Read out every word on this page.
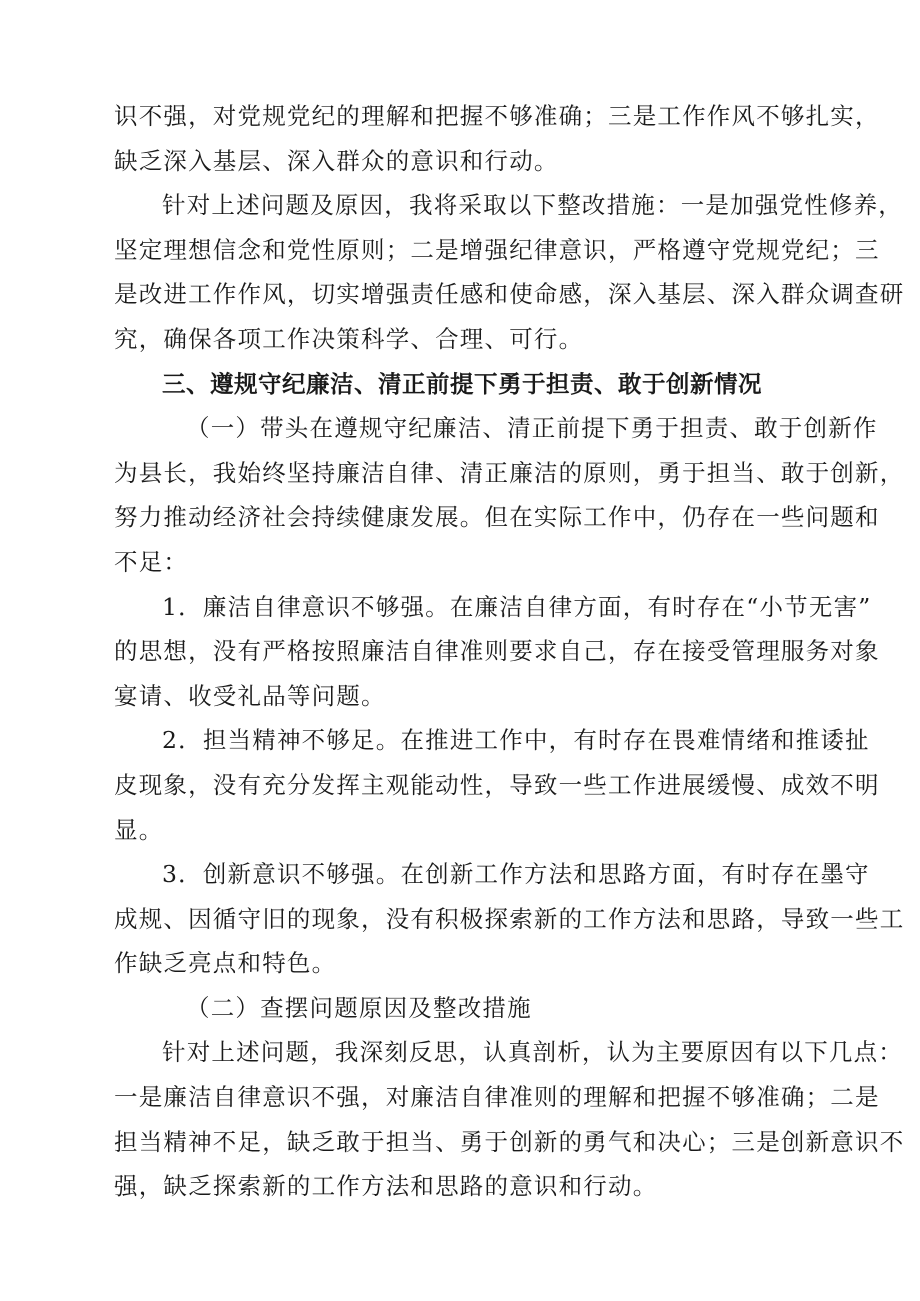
识不强，对党规党纪的理解和把握不够准确；三是工作作风不够扎实，
缺乏深入基层、深入群众的意识和行动。
针对上述问题及原因，我将采取以下整改措施：一是加强党性修养，
坚定理想信念和党性原则；二是增强纪律意识，严格遵守党规党纪；三
是改进工作作风，切实增强责任感和使命感，深入基层、深入群众调查研
究，确保各项工作决策科学、合理、可行。
三、遵规守纪廉洁、清正前提下勇于担责、敢于创新情况
（一）带头在遵规守纪廉洁、清正前提下勇于担责、敢于创新作
为县长，我始终坚持廉洁自律、清正廉洁的原则，勇于担当、敢于创新，
努力推动经济社会持续健康发展。但在实际工作中，仍存在一些问题和
不足：
1．廉洁自律意识不够强。在廉洁自律方面，有时存在“小节无害”
的思想，没有严格按照廉洁自律准则要求自己，存在接受管理服务对象
宴请、收受礼品等问题。
2．担当精神不够足。在推进工作中，有时存在畏难情绪和推诿扯
皮现象，没有充分发挥主观能动性，导致一些工作进展缓慢、成效不明
显。
3．创新意识不够强。在创新工作方法和思路方面，有时存在墨守
成规、因循守旧的现象，没有积极探索新的工作方法和思路，导致一些工
作缺乏亮点和特色。
（二）查摆问题原因及整改措施
针对上述问题，我深刻反思，认真剖析，认为主要原因有以下几点：
一是廉洁自律意识不强，对廉洁自律准则的理解和把握不够准确；二是
担当精神不足，缺乏敢于担当、勇于创新的勇气和决心；三是创新意识不
强，缺乏探索新的工作方法和思路的意识和行动。
